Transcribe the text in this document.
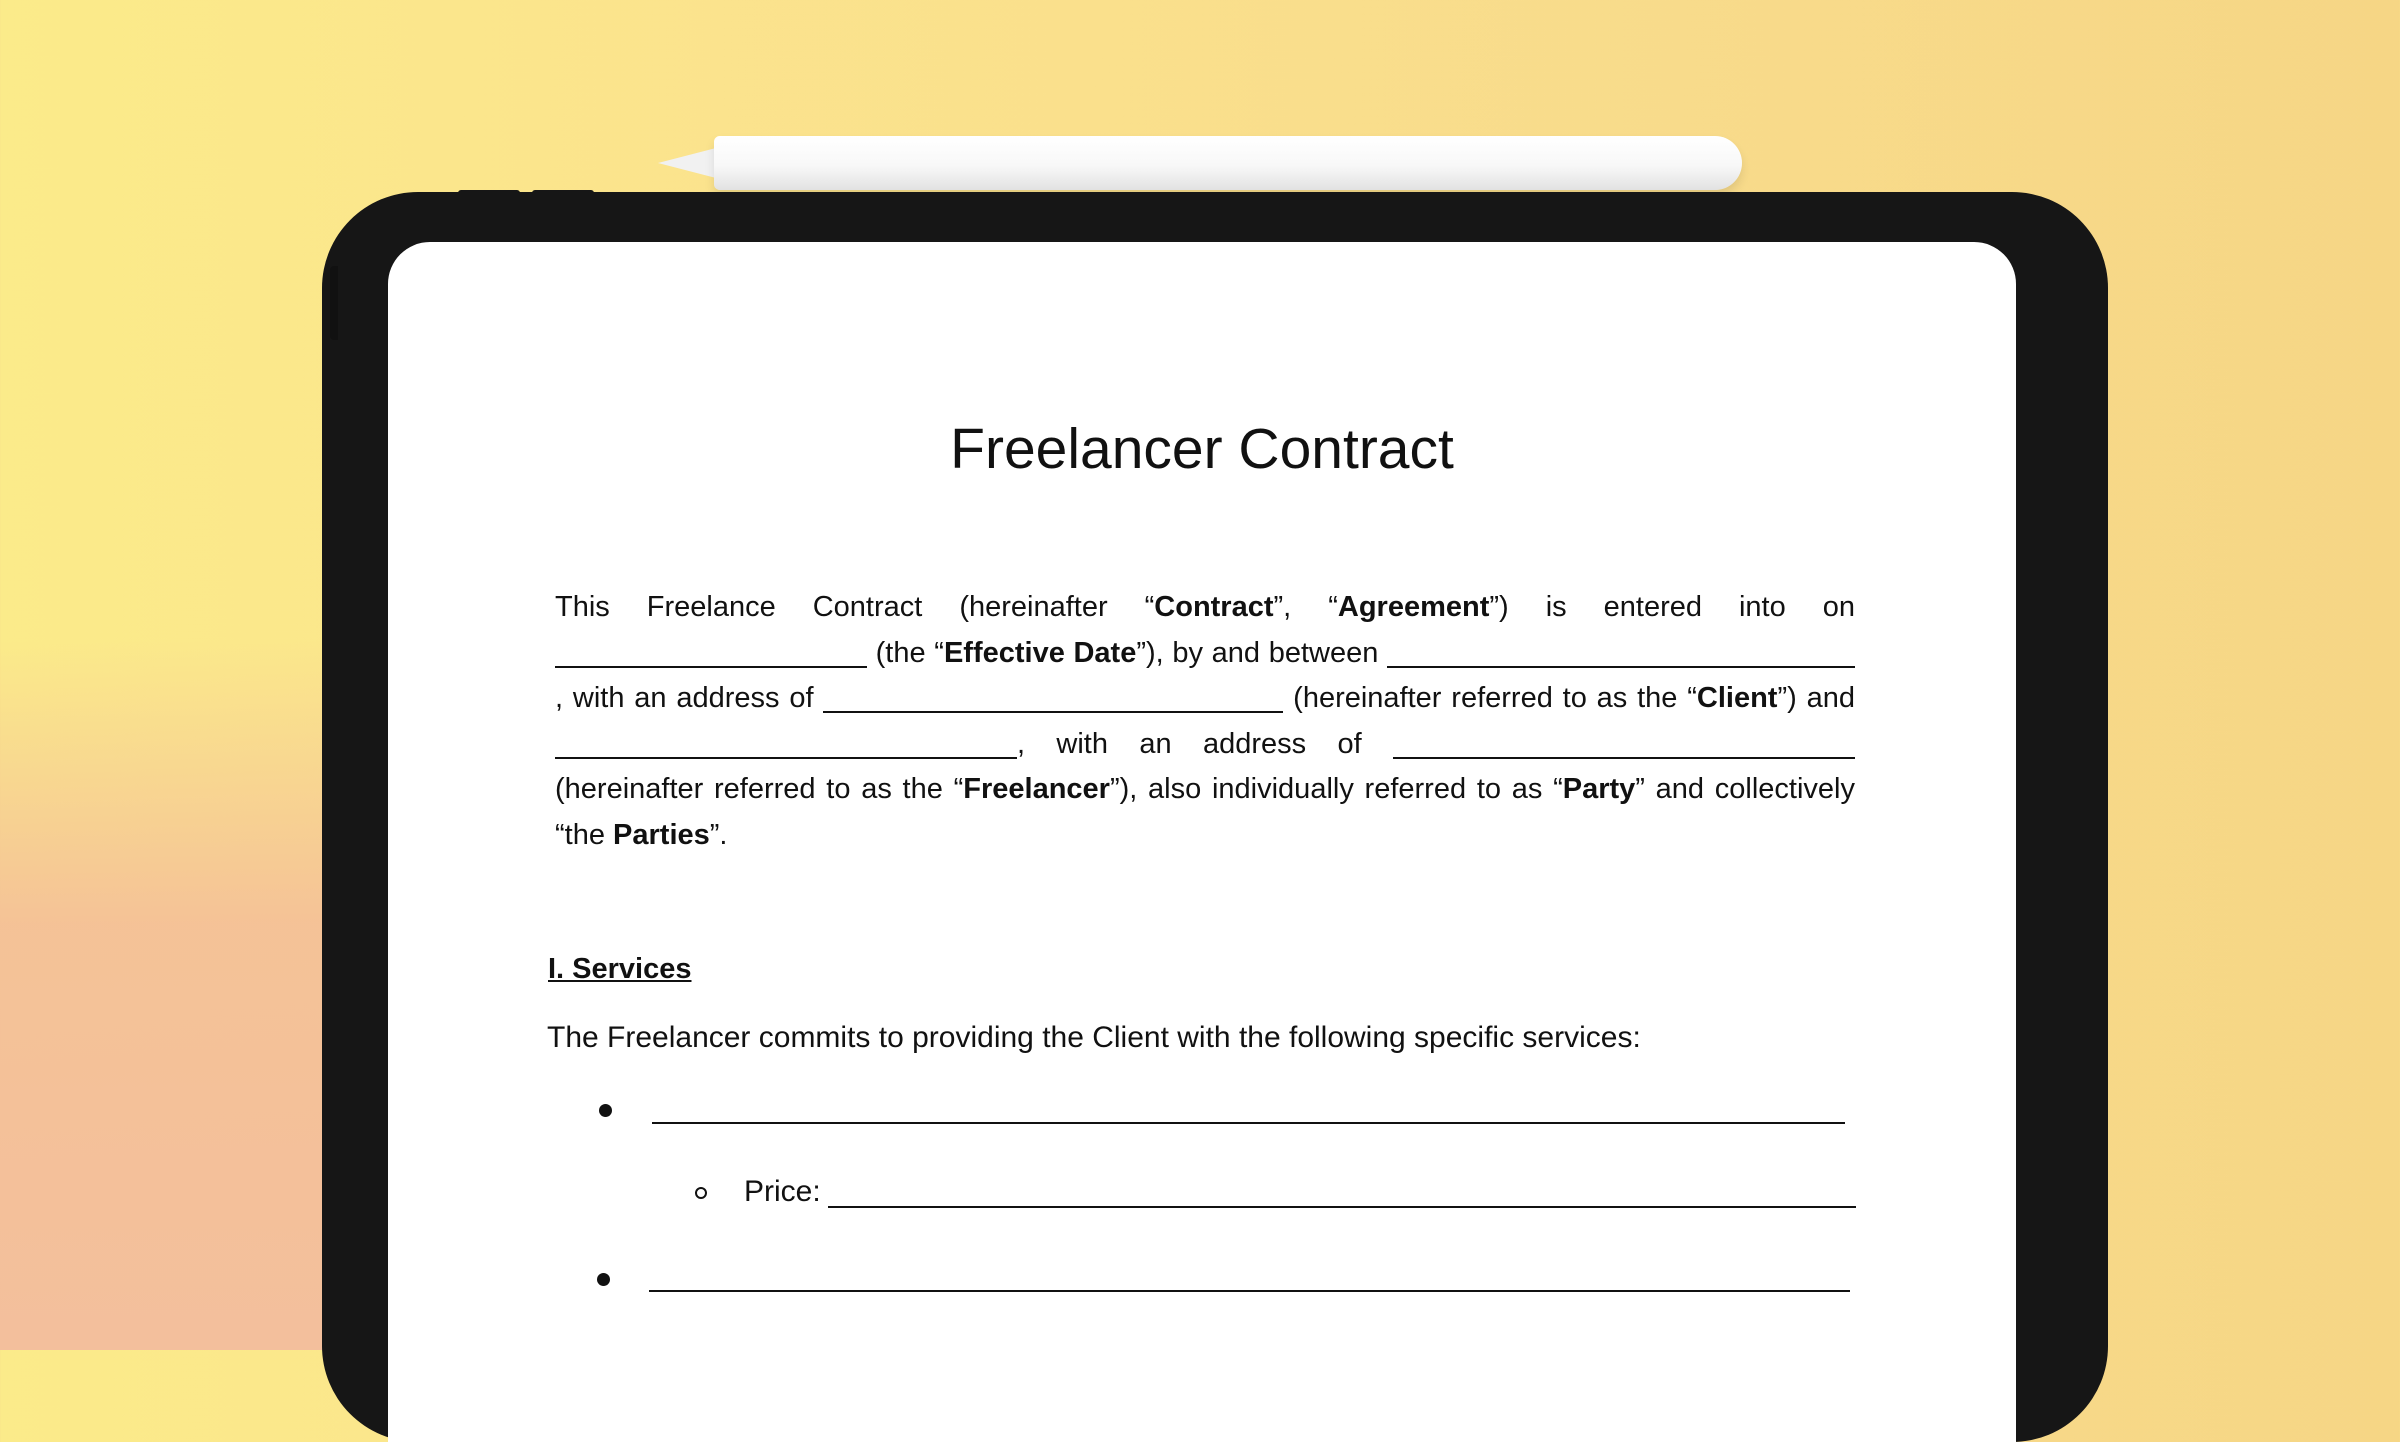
Freelancer Contract
This Freelance Contract (hereinafter “Contract”, “Agreement”) is entered into on  (the “Effective Date”), by and between , with an address of	(hereinafter referred to as the “Client”) and , with an address of  (hereinafter referred to as the “Freelancer”), also individually referred to as “Party” and collectively “the Parties”.
I. Services
The Freelancer commits to providing the Client with the following specific services:
Price:
